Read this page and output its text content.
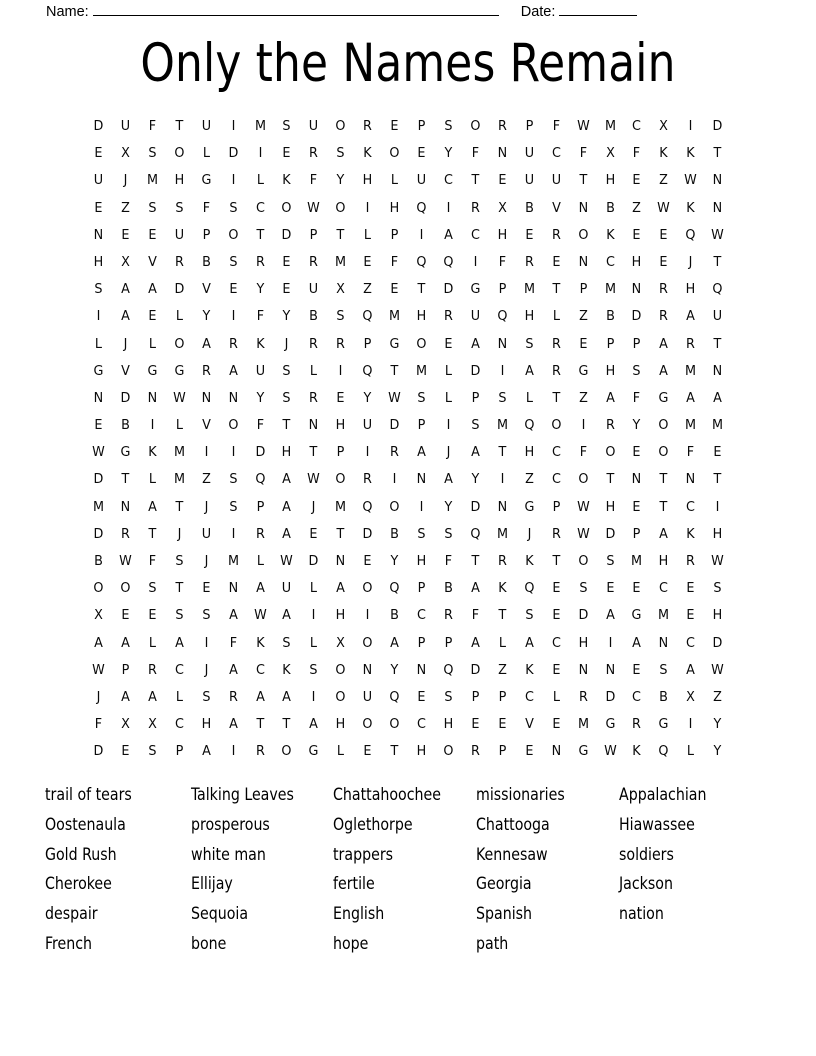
Name:	Date:
Only the Names Remain
D	U	F	T	U	I	M	S	U	O	R	E	P	S	O	R	P	F	W	M	C	X	I	D
E	X	S	O	L	D	I	E	R	S	K	O	E	Y	F	N	U	C	F	X	F	K	K	T
U	J	M	H	G	I	L	K	F	Y	H	L	U	C	T	E	U	U	T	H	E	Z	W	N
E	Z	S	S	F	S	C	O	W	O	I	H	Q	I	R	X	B	V	N	B	Z	W	K	N
N	E	E	U	P	O	T	D	P	T	L	P	I	A	C	H	E	R	O	K	E	E	Q	W
H	X	V	R	B	S	R	E	R	M	E	F	Q	Q	I	F	R	E	N	C	H	E	J	T
S	A	A	D	V	E	Y	E	U	X	Z	E	T	D	G	P	M	T	P	M	N	R	H	Q
I	A	E	L	Y	I	F	Y	B	S	Q	M	H	R	U	Q	H	L	Z	B	D	R	A	U
L	J	L	O	A	R	K	J	R	R	P	G	O	E	A	N	S	R	E	P	P	A	R	T
G	V	G	G	R	A	U	S	L	I	Q	T	M	L	D	I	A	R	G	H	S	A	M	N
N	D	N	W	N	N	Y	S	R	E	Y	W	S	L	P	S	L	T	Z	A	F	G	A	A
E	B	I	L	V	O	F	T	N	H	U	D	P	I	S	M	Q	O	I	R	Y	O	M	M
W	G	K	M	I	I	D	H	T	P	I	R	A	J	A	T	H	C	F	O	E	O	F	E
D	T	L	M	Z	S	Q	A	W	O	R	I	N	A	Y	I	Z	C	O	T	N	T	N	T
M	N	A	T	J	S	P	A	J	M	Q	O	I	Y	D	N	G	P	W	H	E	T	C	I
D	R	T	J	U	I	R	A	E	T	D	B	S	S	Q	M	J	R	W	D	P	A	K	H
B	W	F	S	J	M	L	W	D	N	E	Y	H	F	T	R	K	T	O	S	M	H	R	W
O	O	S	T	E	N	A	U	L	A	O	Q	P	B	A	K	Q	E	S	E	E	C	E	S
X	E	E	S	S	A	W	A	I	H	I	B	C	R	F	T	S	E	D	A	G	M	E	H
A	A	L	A	I	F	K	S	L	X	O	A	P	P	A	L	A	C	H	I	A	N	C	D
W	P	R	C	J	A	C	K	S	O	N	Y	N	Q	D	Z	K	E	N	N	E	S	A	W
J	A	A	L	S	R	A	A	I	O	U	Q	E	S	P	P	C	L	R	D	C	B	X	Z
F	X	X	C	H	A	T	T	A	H	O	O	C	H	E	E	V	E	M	G	R	G	I	Y
D	E	S	P	A	I	R	O	G	L	E	T	H	O	R	P	E	N	G	W	K	Q	L	Y
trail of tears	Talking Leaves	Chattahoochee	missionaries	Appalachian
Oostenaula	prosperous	Oglethorpe	Chattooga	Hiawassee
Gold Rush	white man	trappers	Kennesaw	soldiers
Cherokee	Ellijay	fertile	Georgia	Jackson
despair	Sequoia	English	Spanish	nation
French	bone	hope	path
